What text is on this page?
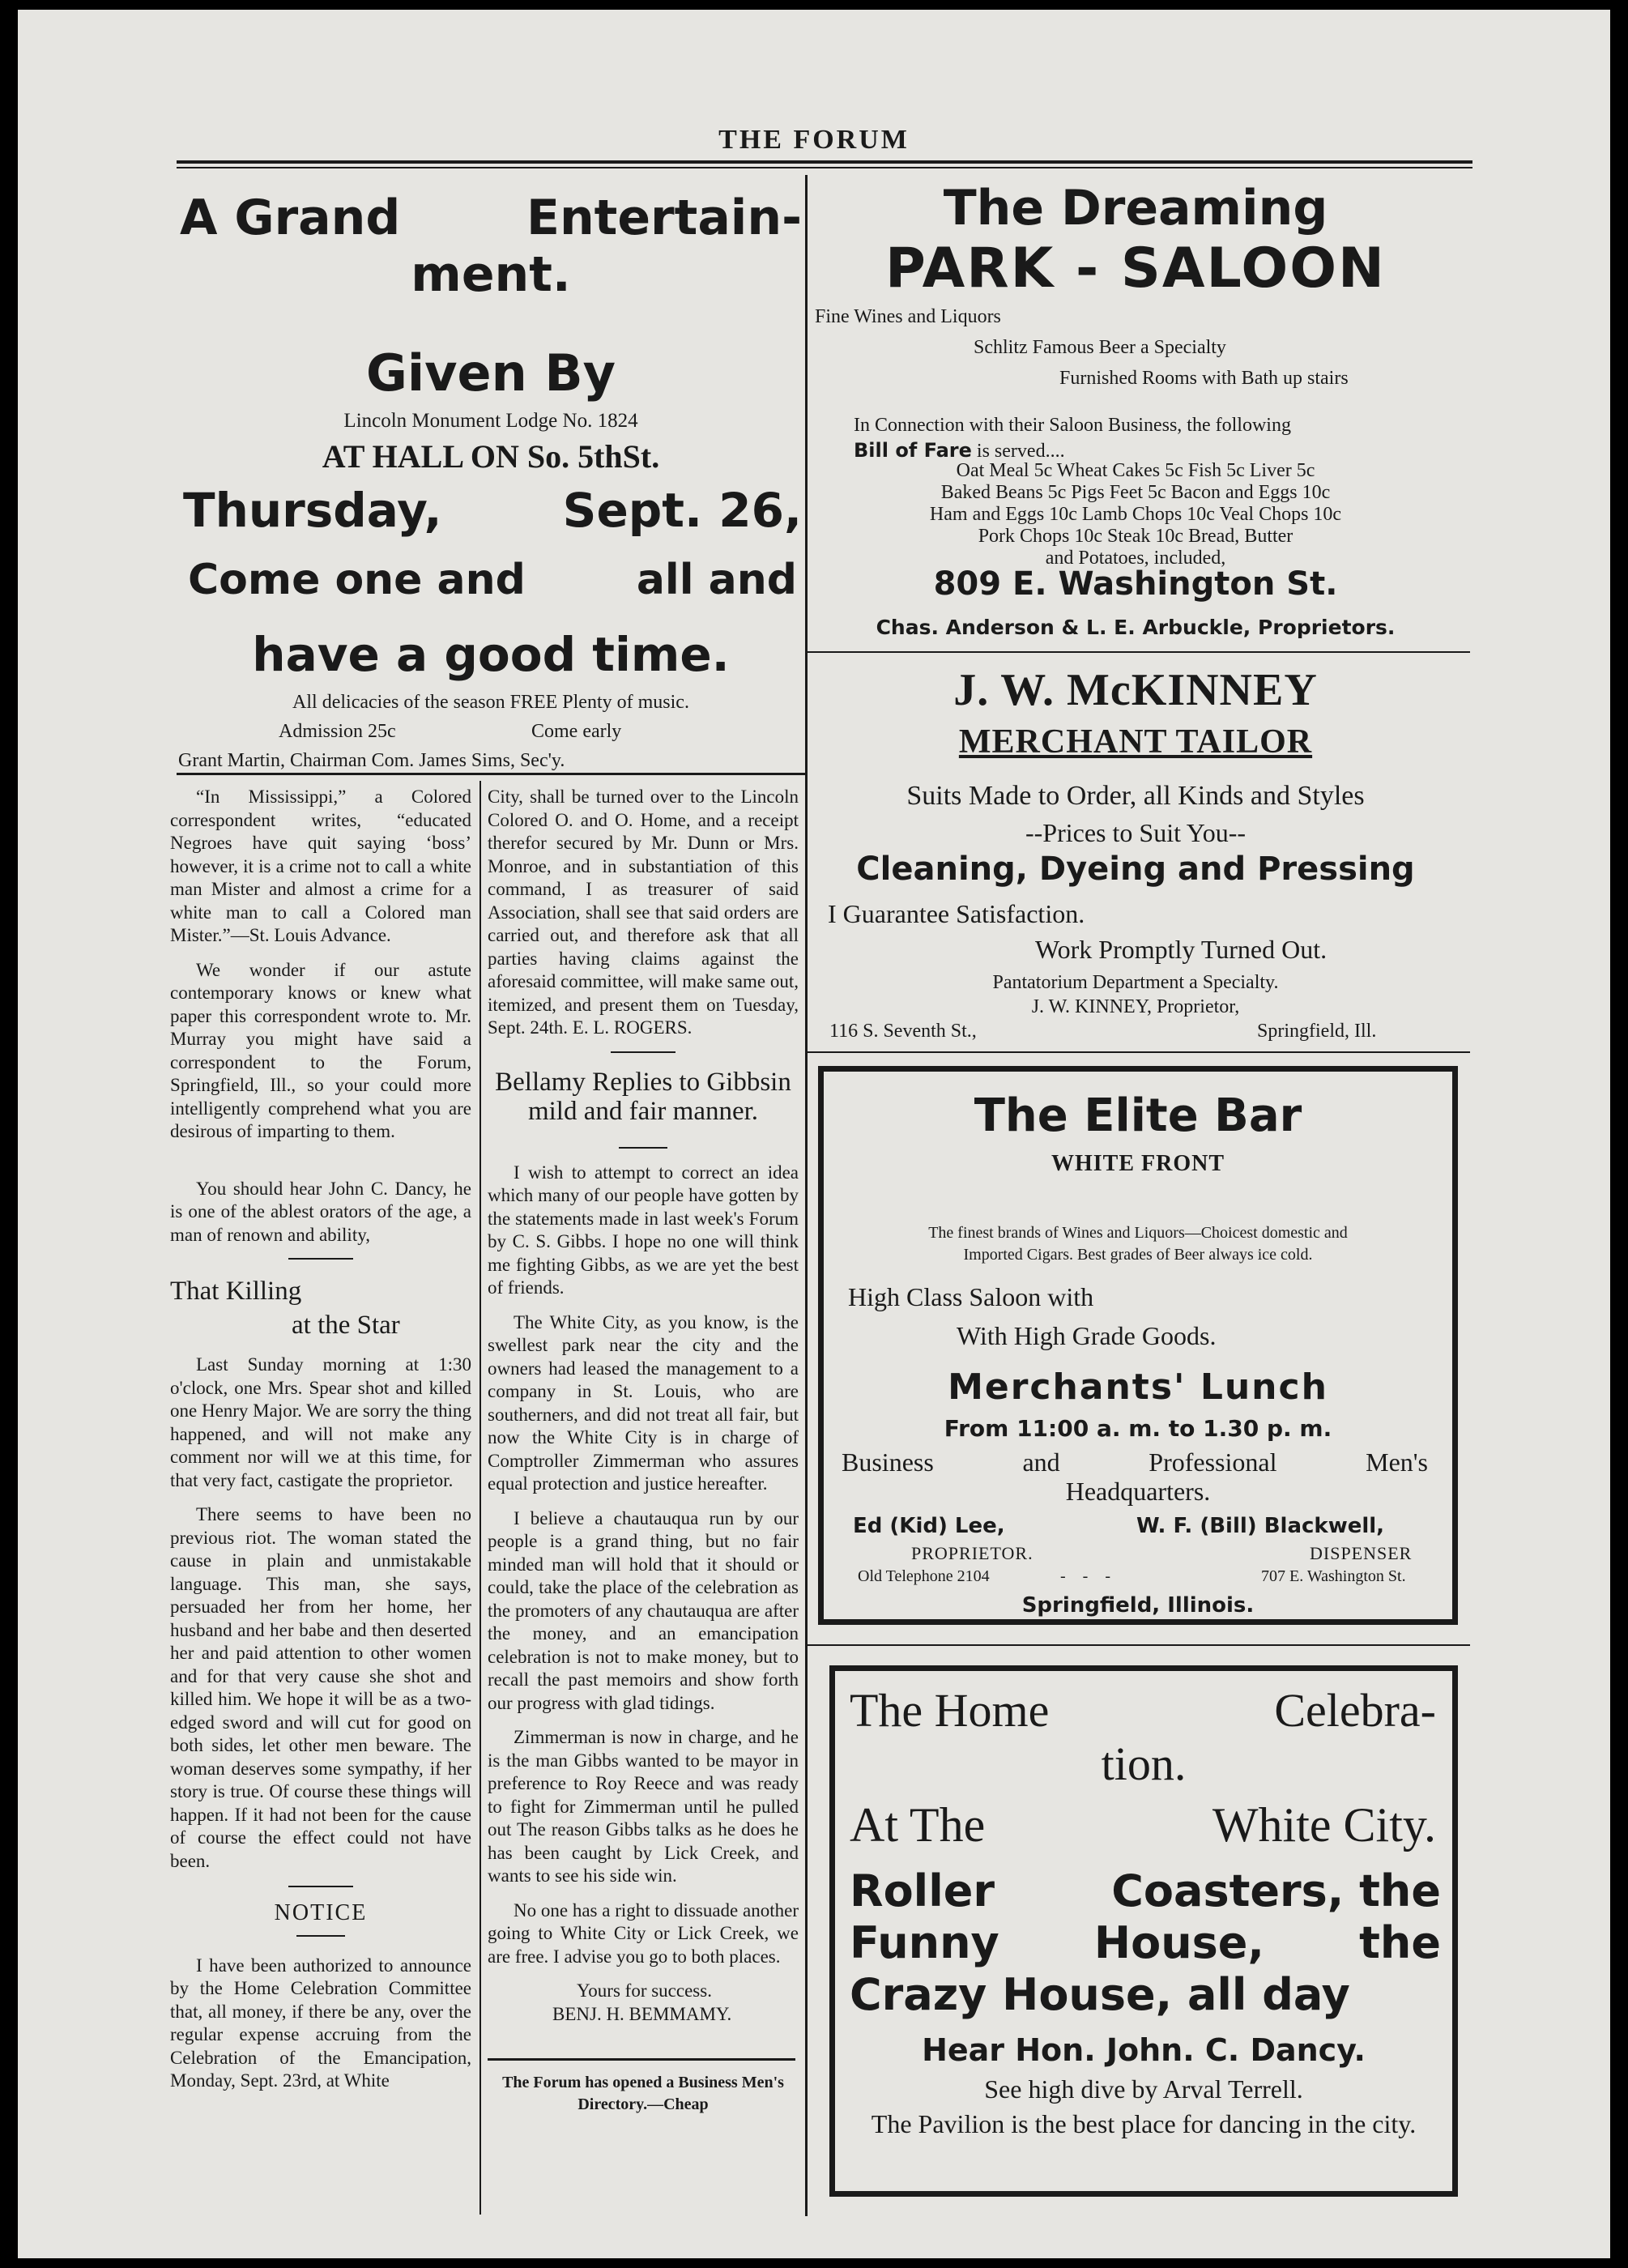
THE FORUM
A Grand	Entertain-
ment.
Given By
Lincoln Monument Lodge No. 1824
AT HALL ON So. 5thSt.
Thursday,	Sept. 26,
Come one and	all and
have a good time.
All delicacies of the season FREE Plenty of music.
Admission 25c	Come early
Grant Martin, Chairman Com. James Sims, Sec'y.

“In Mississippi,” a Colored correspondent writes, “educated Negroes have quit saying ‘boss’ however, it is a crime not to call a white man Mister and almost a crime for a white man to call a Colored man Mister.”—St. Louis Advance.

We wonder if our astute contemporary knows or knew what paper this correspondent wrote to. Mr. Murray you might have said a correspondent to the Forum, Springfield, Ill., so your could more intelligently comprehend what you are desirous of imparting to them.

You should hear John C. Dancy, he is one of the ablest orators of the age, a man of renown and ability,

That Killing
at the Star

Last Sunday morning at 1:30 o'clock, one Mrs. Spear shot and killed one Henry Major. We are sorry the thing happened, and will not make any comment nor will we at this time, for that very fact, castigate the proprietor.

There seems to have been no previous riot. The woman stated the cause in plain and unmistakable language. This man, she says, persuaded her from her home, her husband and her babe and then deserted her and paid attention to other women and for that very cause she shot and killed him. We hope it will be as a two-edged sword and will cut for good on both sides, let other men beware. The woman deserves some sympathy, if her story is true. Of course these things will happen. If it had not been for the cause of course the effect could not have been.

NOTICE

I have been authorized to announce by the Home Celebration Committee that, all money, if there be any, over the regular expense accruing from the Celebration of the Emancipation, Monday, Sept. 23rd, at White

City, shall be turned over to the Lincoln Colored O. and O. Home, and a receipt therefor secured by Mr. Dunn or Mrs. Monroe, and in substantiation of this command, I as treasurer of said Association, shall see that said orders are carried out, and therefore ask that all parties having claims against the aforesaid committee, will make same out, itemized, and present them on Tuesday, Sept. 24th. E. L. ROGERS.

Bellamy Replies to Gibbsin mild and fair manner.

I wish to attempt to correct an idea which many of our people have gotten by the statements made in last week's Forum by C. S. Gibbs. I hope no one will think me fighting Gibbs, as we are yet the best of friends.

The White City, as you know, is the swellest park near the city and the owners had leased the management to a company in St. Louis, who are southerners, and did not treat all fair, but now the White City is in charge of Comptroller Zimmerman who assures equal protection and justice hereafter.

I believe a chautauqua run by our people is a grand thing, but no fair minded man will hold that it should or could, take the place of the celebration as the promoters of any chautauqua are after the money, and an emancipation celebration is not to make money, but to recall the past memoirs and show forth our progress with glad tidings.

Zimmerman is now in charge, and he is the man Gibbs wanted to be mayor in preference to Roy Reece and was ready to fight for Zimmerman until he pulled out The reason Gibbs talks as he does he has been caught by Lick Creek, and wants to see his side win.

No one has a right to dissuade another going to White City or Lick Creek, we are free. I advise you go to both places.

Yours for success.
BENJ. H. BEMMAMY.
The Forum has opened a Business Men's Directory.—Cheap
The Dreaming
PARK - SALOON
Fine Wines and Liquors
Schlitz Famous Beer a Specialty
Furnished Rooms with Bath up stairs
In Connection with their Saloon Business, the following
Bill of Fare is served....
Oat Meal 5c Wheat Cakes 5c Fish 5c Liver 5c
Baked Beans 5c Pigs Feet 5c Bacon and Eggs 10c
Ham and Eggs 10c Lamb Chops 10c Veal Chops 10c
Pork Chops 10c Steak 10c Bread, Butter
and Potatoes, included,
809 E. Washington St.
Chas. Anderson & L. E. Arbuckle, Proprietors.
J. W. McKINNEY
MERCHANT TAILOR
Suits Made to Order, all Kinds and Styles
--Prices to Suit You--
Cleaning, Dyeing and Pressing
I Guarantee Satisfaction.
Work Promptly Turned Out.
Pantatorium Department a Specialty.
J. W. KINNEY, Proprietor,
116 S. Seventh St.,	Springfield, Ill.
The Elite Bar
WHITE FRONT
The finest brands of Wines and Liquors—Choicest domestic and
Imported Cigars. Best grades of Beer always ice cold.
High Class Saloon with
With High Grade Goods.
Merchants' Lunch
From 11:00 a. m. to 1.30 p. m.
Business	and	Professional	Men's
Headquarters.
Ed (Kid) Lee,	W. F. (Bill) Blackwell,
PROPRIETOR.	DISPENSER
Old Telephone 2104	- - -	707 E. Washington St.
Springfield, Illinois.
The Home	Celebra-
tion.
At The	White City.
Roller	Coasters, the
Funny House, the
Crazy House, all day
Hear Hon. John. C. Dancy.
See high dive by Arval Terrell.
The Pavilion is the best place for dancing in the city.
